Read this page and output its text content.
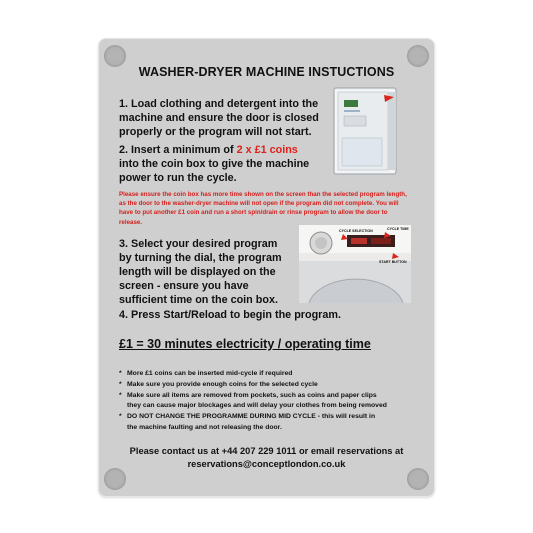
WASHER-DRYER MACHINE INSTUCTIONS
1. Load clothing and detergent into the machine and ensure the door is closed properly or the program will not start.
2. Insert a minimum of 2 x £1 coins into the coin box to give the machine power to run the cycle.
Please ensure the coin box has more time shown on the screen than the selected program length, as the door to the washer-dryer machine will not open if the program did not complete. You will have to put another £1 coin and run a short spin/drain or rinse program to allow the door to release.
3. Select your desired program by turning the dial, the program length will be displayed on the screen - ensure you have sufficient time on the coin box.
CYCLE SELECTION	CYCLE TIME
START BUTTON
4. Press Start/Reload to begin the program.
£1 = 30 minutes electricity / operating time
* More £1 coins can be inserted mid-cycle if required
* Make sure you provide enough coins for the selected cycle
* Make sure all items are removed from pockets, such as coins and paper clips
they can cause major blockages and will delay your clothes from being removed
* DO NOT CHANGE THE PROGRAMME DURING MID CYCLE - this will result in
the machine faulting and not releasing the door.
Please contact us at +44 207 229 1011 or email reservations at
reservations@conceptlondon.co.uk
